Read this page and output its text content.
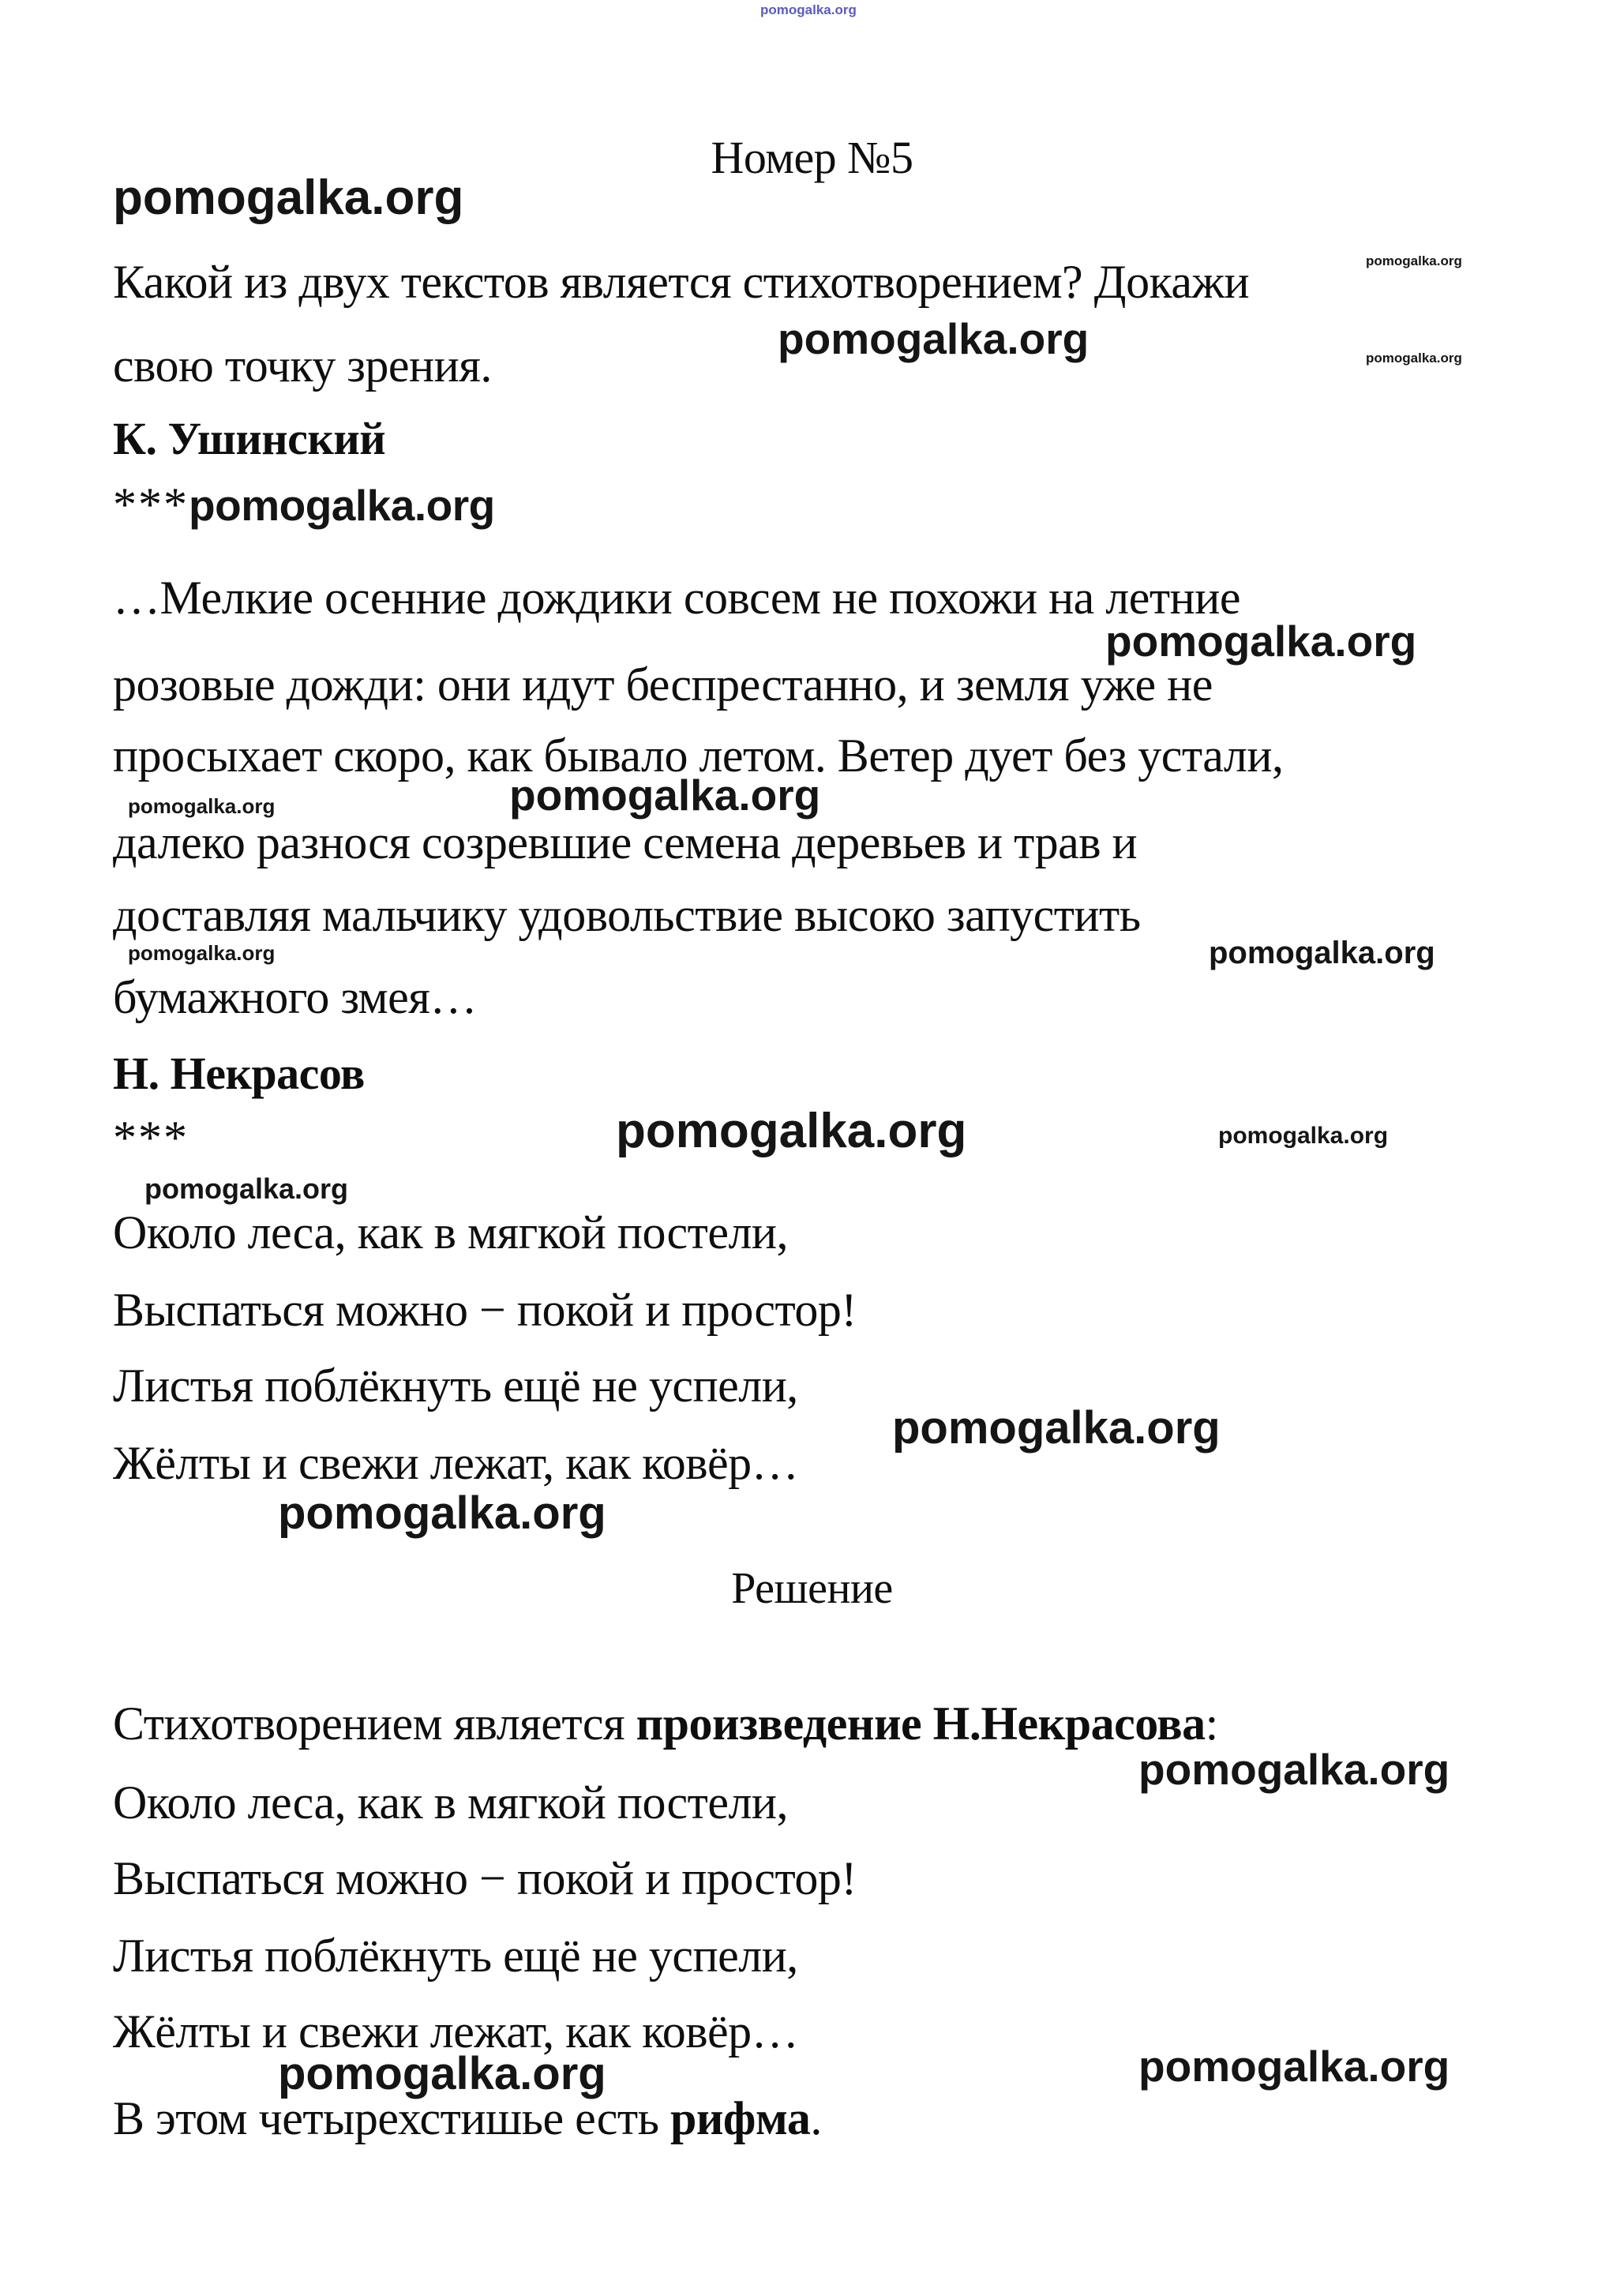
pomogalka.org
Номер №5
pomogalka.org
Какой из двух текстов является стихотворением? Докажи	pomogalka.org
pomogalka.org
свою точку зрения.	pomogalka.org
К. Ушинский
***pomogalka.org
…Мелкие осенние дождики совсем не похожи на летние
pomogalka.org
розовые дожди: они идут беспрестанно, и земля уже не
просыхает скоро, как бывало летом. Ветер дует без устали,
pomogalka.org
pomogalka.org
далеко разнося созревшие семена деревьев и трав и
доставляя мальчику удовольствие высоко запустить
pomogalka.org
pomogalka.org
бумажного змея…
Н. Некрасов
***	pomogalka.org	pomogalka.org
pomogalka.org
Около леса, как в мягкой постели,
Выспаться можно − покой и простор!
Листья поблёкнуть ещё не успели,
pomogalka.org
Жёлты и свежи лежат, как ковёр…
pomogalka.org
Решение
Стихотворением является произведение Н.Некрасова:
pomogalka.org
Около леса, как в мягкой постели,
Выспаться можно − покой и простор!
Листья поблёкнуть ещё не успели,
Жёлты и свежи лежат, как ковёр…
pomogalka.org	pomogalka.org
В этом четырехстишье есть рифма.
